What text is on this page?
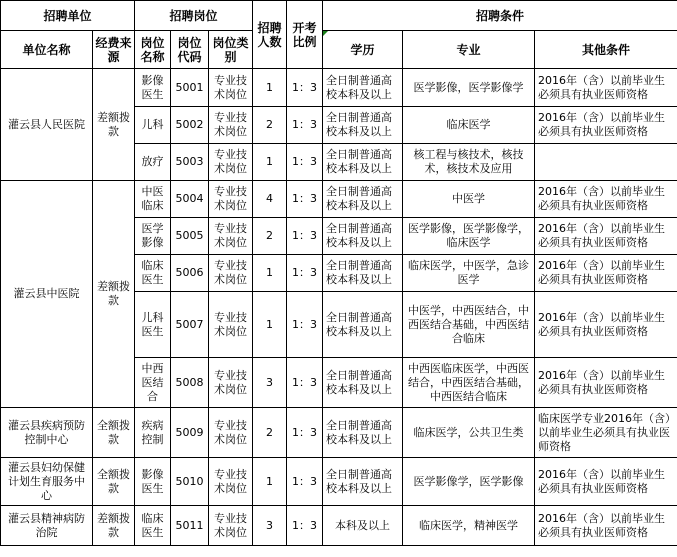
招聘单位		招聘岗位			招聘人数	开考比例	招聘条件		
单位名称	经费来源	岗位名称	岗位代码	岗位类别			学历	专业	其他条件
灌云县人民医院	差额拨款	影像医生	5001	专业技术岗位	1	1：3	全日制普通高校本科及以上	医学影像，医学影像学	2016年（含）以前毕业生必须具有执业医师资格
		儿科	5002	专业技术岗位	2	1：3	全日制普通高校本科及以上	临床医学	2016年（含）以前毕业生必须具有执业医师资格
		放疗	5003	专业技术岗位	1	1：3	全日制普通高校本科及以上	核工程与核技术，核技术，核技术及应用	
灌云县中医院	差额拨款	中医临床	5004	专业技术岗位	4	1：3	全日制普通高校本科及以上	中医学	2016年（含）以前毕业生必须具有执业医师资格
		医学影像	5005	专业技术岗位	2	1：3	全日制普通高校本科及以上	医学影像，医学影像学，临床医学	2016年（含）以前毕业生必须具有执业医师资格
		临床医生	5006	专业技术岗位	1	1：3	全日制普通高校本科及以上	临床医学，中医学，急诊医学	2016年（含）以前毕业生必须具有执业医师资格
		儿科医生	5007	专业技术岗位	1	1：3	全日制普通高校本科及以上	中医学，中西医结合，中西医结合基础，中西医结合临床	2016年（含）以前毕业生必须具有执业医师资格
		中西医结合	5008	专业技术岗位	3	1：3	全日制普通高校本科及以上	中西医临床医学，中西医结合，中西医结合基础，中西医结合临床	2016年（含）以前毕业生必须具有执业医师资格
灌云县疾病预防控制中心	全额拨款	疾病控制	5009	专业技术岗位	2	1：3	全日制普通高校本科及以上	临床医学，公共卫生类	临床医学专业2016年（含）以前毕业生必须具有执业医师资格
灌云县妇幼保健计划生育服务中心	全额拨款	影像医生	5010	专业技术岗位	1	1：3	全日制普通高校本科及以上	医学影像学，医学影像	2016年（含）以前毕业生必须具有执业医师资格
灌云县精神病防治院	差额拨款	临床医生	5011	专业技术岗位	3	1：3	本科及以上	临床医学，精神医学	2016年（含）以前毕业生必须具有执业医师资格
